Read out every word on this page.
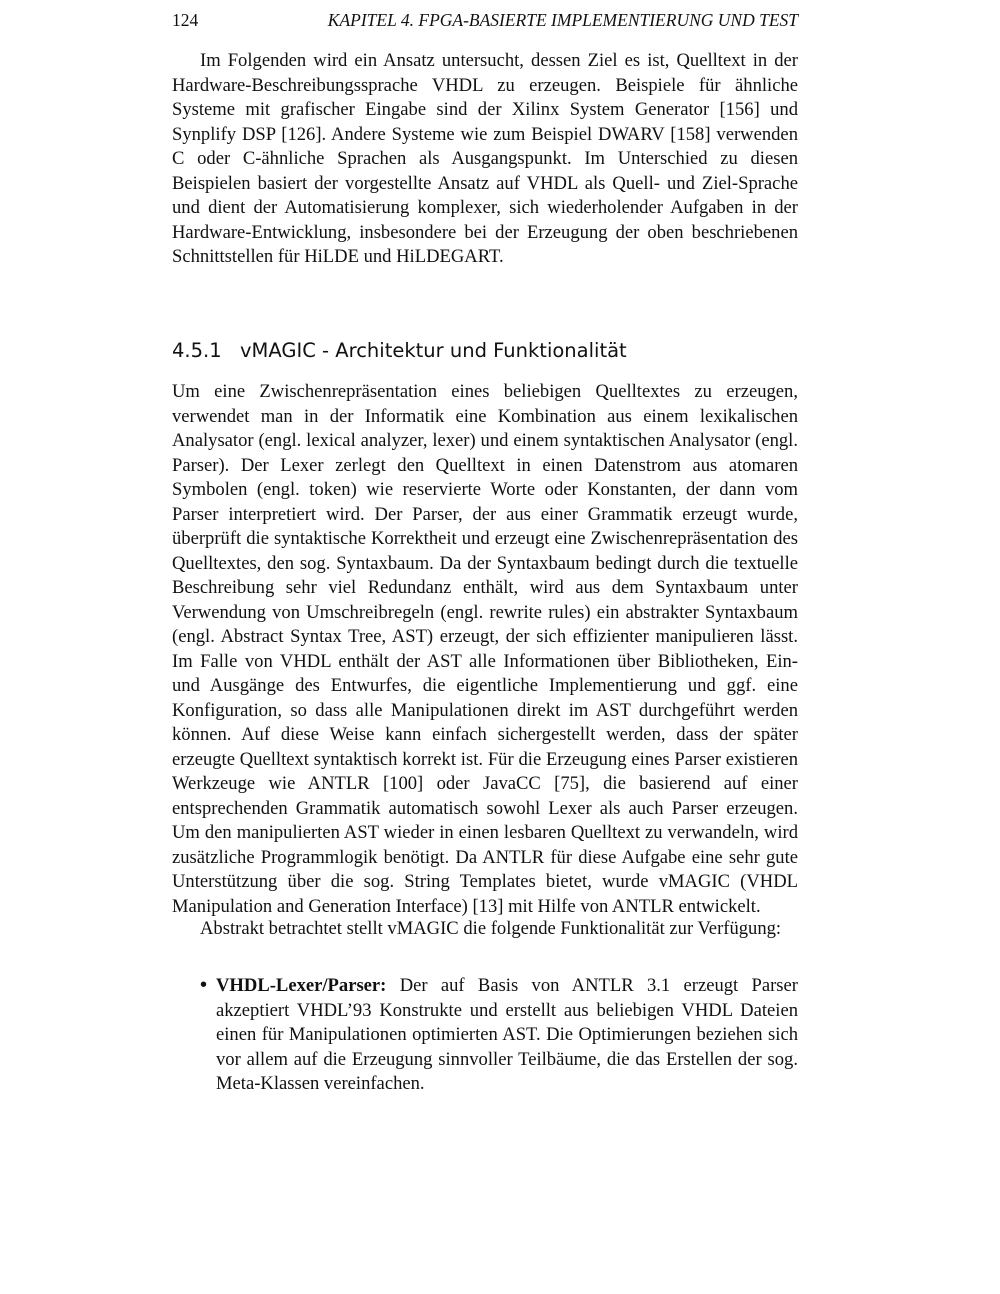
124	KAPITEL 4. FPGA-BASIERTE IMPLEMENTIERUNG UND TEST

Im Folgenden wird ein Ansatz untersucht, dessen Ziel es ist, Quelltext in der Hardware-Beschreibungssprache VHDL zu erzeugen. Beispiele für ähnliche Systeme mit grafischer Eingabe sind der Xilinx System Generator [156] und Synplify DSP [126]. Andere Systeme wie zum Beispiel DWARV [158] verwenden C oder C-ähnliche Sprachen als Ausgangspunkt. Im Unterschied zu diesen Beispielen basiert der vorgestellte Ansatz auf VHDL als Quell- und Ziel-Sprache und dient der Automatisierung komplexer, sich wiederholender Aufgaben in der Hardware-Entwicklung, insbesondere bei der Erzeugung der oben beschriebenen Schnittstellen für HiLDE und HiLDEGART.

4.5.1 vMAGIC - Architektur und Funktionalität

Um eine Zwischenrepräsentation eines beliebigen Quelltextes zu erzeugen, verwendet man in der Informatik eine Kombination aus einem lexikalischen Analysator (engl. lexical analyzer, lexer) und einem syntaktischen Analysator (engl. Parser). Der Lexer zerlegt den Quelltext in einen Datenstrom aus atomaren Symbolen (engl. token) wie reservierte Worte oder Konstanten, der dann vom Parser interpretiert wird. Der Parser, der aus einer Grammatik erzeugt wurde, überprüft die syntaktische Korrektheit und erzeugt eine Zwischenrepräsentation des Quelltextes, den sog. Syntaxbaum. Da der Syntaxbaum bedingt durch die textuelle Beschreibung sehr viel Redundanz enthält, wird aus dem Syntaxbaum unter Verwendung von Umschreibregeln (engl. rewrite rules) ein abstrakter Syntaxbaum (engl. Abstract Syntax Tree, AST) erzeugt, der sich effizienter manipulieren lässt. Im Falle von VHDL enthält der AST alle Informationen über Bibliotheken, Ein- und Ausgänge des Entwurfes, die eigentliche Implementierung und ggf. eine Konfiguration, so dass alle Manipulationen direkt im AST durchgeführt werden können. Auf diese Weise kann einfach sichergestellt werden, dass der später erzeugte Quelltext syntaktisch korrekt ist. Für die Erzeugung eines Parser existieren Werkzeuge wie ANTLR [100] oder JavaCC [75], die basierend auf einer entsprechenden Grammatik automatisch sowohl Lexer als auch Parser erzeugen. Um den manipulierten AST wieder in einen lesbaren Quelltext zu verwandeln, wird zusätzliche Programmlogik benötigt. Da ANTLR für diese Aufgabe eine sehr gute Unterstützung über die sog. String Templates bietet, wurde vMAGIC (VHDL Manipulation and Generation Interface) [13] mit Hilfe von ANTLR entwickelt.

Abstrakt betrachtet stellt vMAGIC die folgende Funktionalität zur Verfügung:

• VHDL-Lexer/Parser: Der auf Basis von ANTLR 3.1 erzeugt Parser akzeptiert VHDL’93 Konstrukte und erstellt aus beliebigen VHDL Dateien einen für Manipulationen optimierten AST. Die Optimierungen beziehen sich vor allem auf die Erzeugung sinnvoller Teilbäume, die das Erstellen der sog. Meta-Klassen vereinfachen.
